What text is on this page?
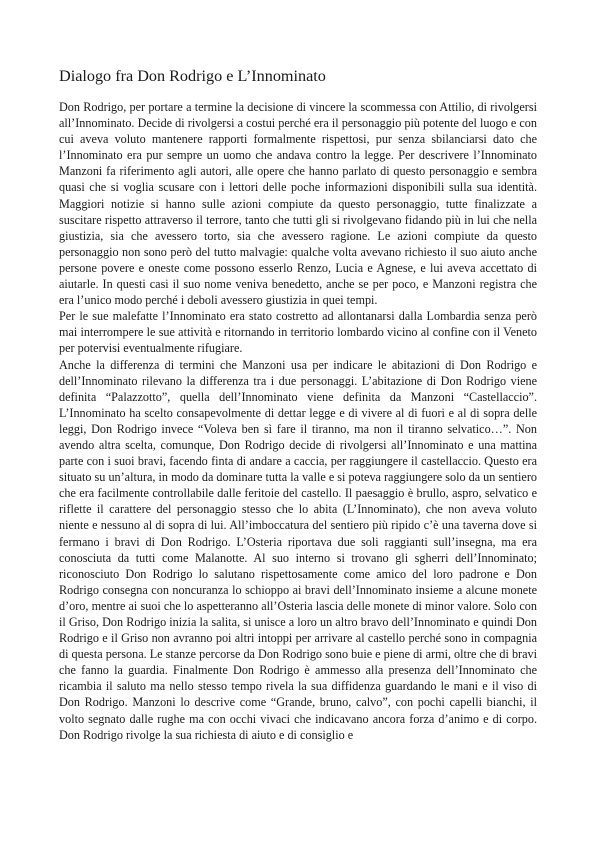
Dialogo fra Don Rodrigo e L’Innominato

Don Rodrigo, per portare a termine la decisione di vincere la scommessa con Attilio, di rivolgersi all’Innominato. Decide di rivolgersi a costui perché era il personaggio più potente del luogo e con cui aveva voluto mantenere rapporti formalmente rispettosi, pur senza sbilanciarsi dato che l’Innominato era pur sempre un uomo che andava contro la legge. Per descrivere l’Innominato Manzoni fa riferimento agli autori, alle opere che hanno parlato di questo personaggio e sembra quasi che si voglia scusare con i lettori delle poche informazioni disponibili sulla sua identità. Maggiori notizie si hanno sulle azioni compiute da questo personaggio, tutte finalizzate a suscitare rispetto attraverso il terrore, tanto che tutti gli si rivolgevano fidando più in lui che nella giustizia, sia che avessero torto, sia che avessero ragione. Le azioni compiute da questo personaggio non sono però del tutto malvagie: qualche volta avevano richiesto il suo aiuto anche persone povere e oneste come possono esserlo Renzo, Lucia e Agnese, e lui aveva accettato di aiutarle. In questi casi il suo nome veniva benedetto, anche se per poco, e Manzoni registra che era l’unico modo perché i deboli avessero giustizia in quei tempi.

Per le sue malefatte l’Innominato era stato costretto ad allontanarsi dalla Lombardia senza però mai interrompere le sue attività e ritornando in territorio lombardo vicino al confine con il Veneto per potervisi eventualmente rifugiare.

Anche la differenza di termini che Manzoni usa per indicare le abitazioni di Don Rodrigo e dell’Innominato rilevano la differenza tra i due personaggi. L’abitazione di Don Rodrigo viene definita “Palazzotto”, quella dell’Innominato viene definita da Manzoni “Castellaccio”. L’Innominato ha scelto consapevolmente di dettar legge e di vivere al di fuori e al di sopra delle leggi, Don Rodrigo invece “Voleva ben sì fare il tiranno, ma non il tiranno selvatico…”. Non avendo altra scelta, comunque, Don Rodrigo decide di rivolgersi all’Innominato e una mattina parte con i suoi bravi, facendo finta di andare a caccia, per raggiungere il castellaccio. Questo era situato su un’altura, in modo da dominare tutta la valle e si poteva raggiungere solo da un sentiero che era facilmente controllabile dalle feritoie del castello. Il paesaggio è brullo, aspro, selvatico e riflette il carattere del personaggio stesso che lo abita (L’Innominato), che non aveva voluto niente e nessuno al di sopra di lui. All’imboccatura del sentiero più ripido c’è una taverna dove si fermano i bravi di Don Rodrigo. L’Osteria riportava due soli raggianti sull’insegna, ma era conosciuta da tutti come Malanotte. Al suo interno si trovano gli sgherri dell’Innominato; riconosciuto Don Rodrigo lo salutano rispettosamente come amico del loro padrone e Don Rodrigo consegna con noncuranza lo schioppo ai bravi dell’Innominato insieme a alcune monete d’oro, mentre ai suoi che lo aspetteranno all’Osteria lascia delle monete di minor valore. Solo con il Griso, Don Rodrigo inizia la salita, si unisce a loro un altro bravo dell’Innominato e quindi Don Rodrigo e il Griso non avranno poi altri intoppi per arrivare al castello perché sono in compagnia di questa persona. Le stanze percorse da Don Rodrigo sono buie e piene di armi, oltre che di bravi che fanno la guardia. Finalmente Don Rodrigo è ammesso alla presenza dell’Innominato che ricambia il saluto ma nello stesso tempo rivela la sua diffidenza guardando le mani e il viso di Don Rodrigo. Manzoni lo descrive come “Grande, bruno, calvo”, con pochi capelli bianchi, il volto segnato dalle rughe ma con occhi vivaci che indicavano ancora forza d’animo e di corpo. Don Rodrigo rivolge la sua richiesta di aiuto e di consiglio e
